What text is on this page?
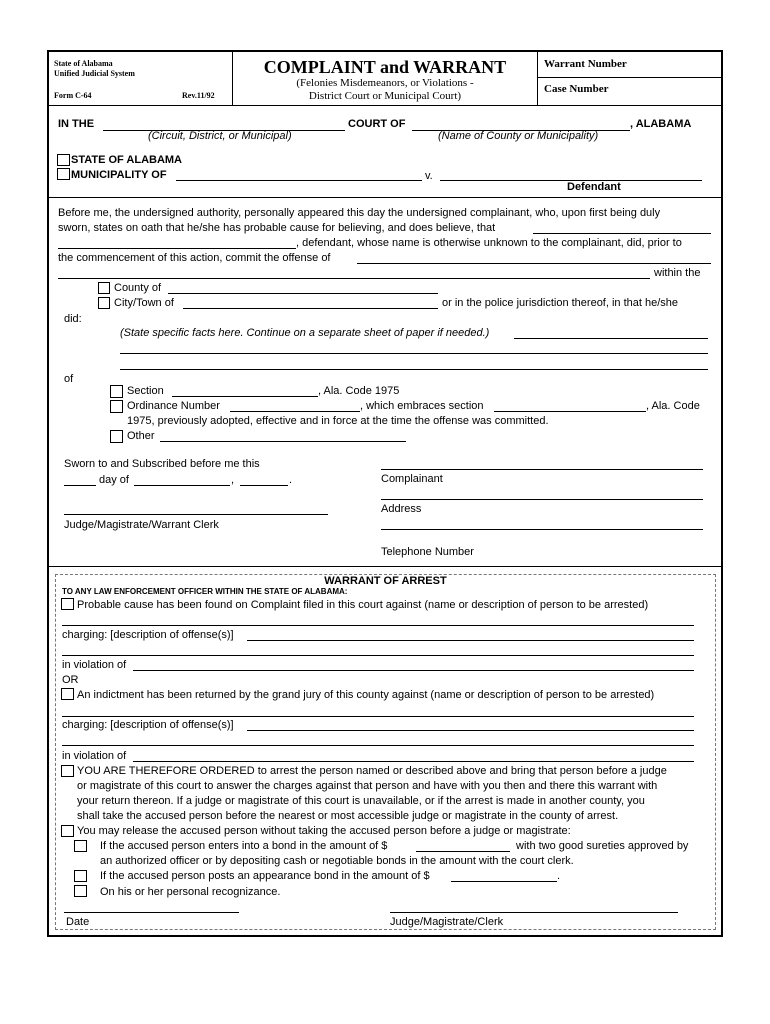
State of Alabama
Unified Judicial System
Form C-64	Rev.11/92
COMPLAINT and WARRANT
(Felonies Misdemeanors, or Violations -
District Court or Municipal Court)
Warrant Number
Case Number
IN THE	COURT OF	, ALABAMA
(Circuit, District, or Municipal)	(Name of County or Municipality)
STATE OF ALABAMA
MUNICIPALITY OF	v.
Defendant
Before me, the undersigned authority, personally appeared this day the undersigned complainant, who, upon first being duly
sworn, states on oath that he/she has probable cause for believing, and does believe, that
, defendant, whose name is otherwise unknown to the complainant, did, prior to
the commencement of this action, commit the offense of
within the
County of
City/Town of	or in the police jurisdiction thereof, in that he/she
did:
(State specific facts here. Continue on a separate sheet of paper if needed.)
of
Section	, Ala. Code 1975
Ordinance Number	, which embraces section	, Ala. Code
1975, previously adopted, effective and in force at the time the offense was committed.
Other
Sworn to and Subscribed before me this
day of	,	.	Complainant
Address
Judge/Magistrate/Warrant Clerk
Telephone Number
WARRANT OF ARREST
TO ANY LAW ENFORCEMENT OFFICER WITHIN THE STATE OF ALABAMA:
Probable cause has been found on Complaint filed in this court against (name or description of person to be arrested)
charging: [description of offense(s)]
in violation of
OR
An indictment has been returned by the grand jury of this county against (name or description of person to be arrested)
charging: [description of offense(s)]
in violation of
YOU ARE THEREFORE ORDERED to arrest the person named or described above and bring that person before a judge
or magistrate of this court to answer the charges against that person and have with you then and there this warrant with
your return thereon. If a judge or magistrate of this court is unavailable, or if the arrest is made in another county, you
shall take the accused person before the nearest or most accessible judge or magistrate in the county of arrest.
You may release the accused person without taking the accused person before a judge or magistrate:
If the accused person enters into a bond in the amount of $	with two good sureties approved by
an authorized officer or by depositing cash or negotiable bonds in the amount with the court clerk.
If the accused person posts an appearance bond in the amount of $	.
On his or her personal recognizance.
Date	Judge/Magistrate/Clerk
